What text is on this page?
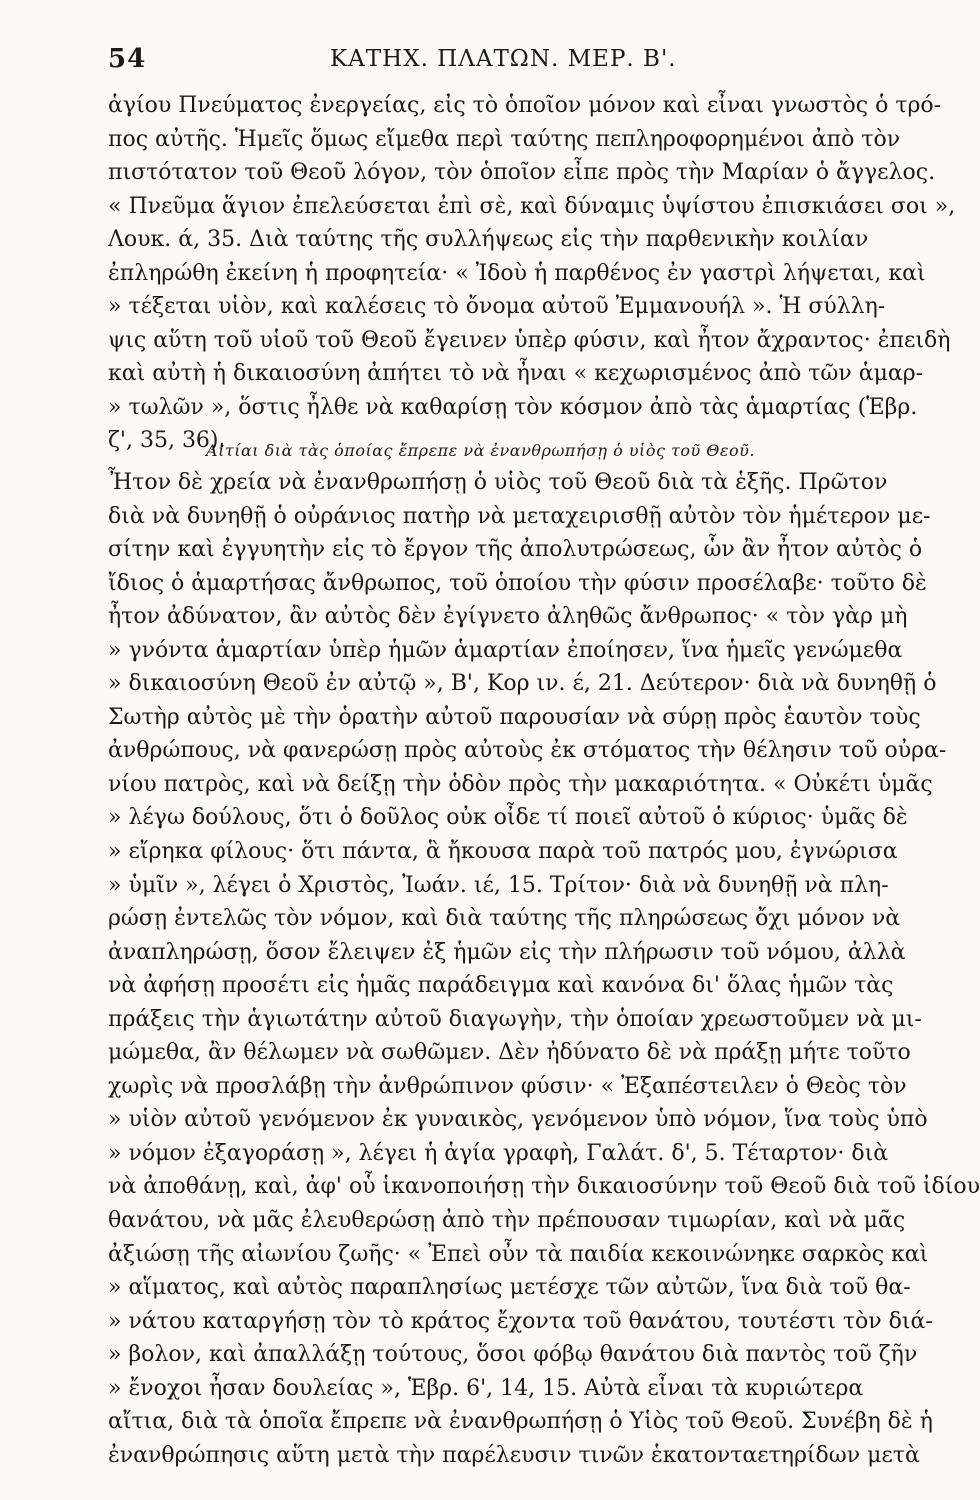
54	ΚΑΤΗΧ. ΠΛΑΤΩΝ. ΜΕΡ. Β'.
ἁγίου Πνεύματος ἐνεργείας, εἰς τὸ ὁποῖον μόνον καὶ εἶναι γνωστὸς ὁ τρό-
πος αὐτῆς. Ἡμεῖς ὅμως εἴμεθα περὶ ταύτης πεπληροφορημένοι ἀπὸ τὸν
πιστότατον τοῦ Θεοῦ λόγον, τὸν ὁποῖον εἶπε πρὸς τὴν Μαρίαν ὁ ἄγγελος.
« Πνεῦμα ἅγιον ἐπελεύσεται ἐπὶ σὲ, καὶ δύναμις ὑψίστου ἐπισκιάσει σοι »,
Λουκ. ά, 35. Διὰ ταύτης τῆς συλλήψεως εἰς τὴν παρθενικὴν κοιλίαν
ἐπληρώθη ἐκείνη ἡ προφητεία· « Ἰδοὺ ἡ παρθένος ἐν γαστρὶ λήψεται, καὶ
» τέξεται υἱὸν, καὶ καλέσεις τὸ ὄνομα αὐτοῦ Ἐμμανουήλ ». Ἡ σύλλη-
ψις αὕτη τοῦ υἱοῦ τοῦ Θεοῦ ἔγεινεν ὑπὲρ φύσιν, καὶ ἦτον ἄχραντος· ἐπειδὴ
καὶ αὐτὴ ἡ δικαιοσύνη ἀπήτει τὸ νὰ ἦναι « κεχωρισμένος ἀπὸ τῶν ἁμαρ-
» τωλῶν », ὅστις ἦλθε νὰ καθαρίσῃ τὸν κόσμον ἀπὸ τὰς ἁμαρτίας (Ἑβρ.
ζ', 35, 36).
Αἰτίαι διὰ τὰς ὁποίας ἔπρεπε νὰ ἐνανθρωπήσῃ ὁ υἱὸς τοῦ Θεοῦ.
Ἦτον δὲ χρεία νὰ ἐνανθρωπήσῃ ὁ υἱὸς τοῦ Θεοῦ διὰ τὰ ἑξῆς. Πρῶτον
διὰ νὰ δυνηθῇ ὁ οὐράνιος πατὴρ νὰ μεταχειρισθῇ αὐτὸν τὸν ἡμέτερον με-
σίτην καὶ ἐγγυητὴν εἰς τὸ ἔργον τῆς ἀπολυτρώσεως, ὧν ἂν ἦτον αὐτὸς ὁ
ἴδιος ὁ ἁμαρτήσας ἄνθρωπος, τοῦ ὁποίου τὴν φύσιν προσέλαβε· τοῦτο δὲ
ἦτον ἀδύνατον, ἂν αὐτὸς δὲν ἐγίγνετο ἀληθῶς ἄνθρωπος· « τὸν γὰρ μὴ
» γνόντα ἁμαρτίαν ὑπὲρ ἡμῶν ἁμαρτίαν ἐποίησεν, ἵνα ἡμεῖς γενώμεθα
» δικαιοσύνη Θεοῦ ἐν αὐτῷ », Β', Κορ ιν. έ, 21. Δεύτερον· διὰ νὰ δυνηθῇ ὁ
Σωτὴρ αὐτὸς μὲ τὴν ὁρατὴν αὐτοῦ παρουσίαν νὰ σύρῃ πρὸς ἑαυτὸν τοὺς
ἀνθρώπους, νὰ φανερώσῃ πρὸς αὐτοὺς ἐκ στόματος τὴν θέλησιν τοῦ οὐρα-
νίου πατρὸς, καὶ νὰ δείξῃ τὴν ὁδὸν πρὸς τὴν μακαριότητα. « Οὐκέτι ὑμᾶς
» λέγω δούλους, ὅτι ὁ δοῦλος οὐκ οἶδε τί ποιεῖ αὐτοῦ ὁ κύριος· ὑμᾶς δὲ
» εἴρηκα φίλους· ὅτι πάντα, ἃ ἤκουσα παρὰ τοῦ πατρός μου, ἐγνώρισα
» ὑμῖν », λέγει ὁ Χριστὸς, Ἰωάν. ιέ, 15. Τρίτον· διὰ νὰ δυνηθῇ νὰ πλη-
ρώσῃ ἐντελῶς τὸν νόμον, καὶ διὰ ταύτης τῆς πληρώσεως ὄχι μόνον νὰ
ἀναπληρώσῃ, ὅσον ἔλειψεν ἐξ ἡμῶν εἰς τὴν πλήρωσιν τοῦ νόμου, ἀλλὰ
νὰ ἀφήσῃ προσέτι εἰς ἡμᾶς παράδειγμα καὶ κανόνα δι' ὅλας ἡμῶν τὰς
πράξεις τὴν ἁγιωτάτην αὐτοῦ διαγωγὴν, τὴν ὁποίαν χρεωστοῦμεν νὰ μι-
μώμεθα, ἂν θέλωμεν νὰ σωθῶμεν. Δὲν ἠδύνατο δὲ νὰ πράξῃ μήτε τοῦτο
χωρὶς νὰ προσλάβῃ τὴν ἀνθρώπινον φύσιν· « Ἐξαπέστειλεν ὁ Θεὸς τὸν
» υἱὸν αὐτοῦ γενόμενον ἐκ γυναικὸς, γενόμενον ὑπὸ νόμον, ἵνα τοὺς ὑπὸ
» νόμον ἐξαγοράσῃ », λέγει ἡ ἁγία γραφὴ, Γαλάτ. δ', 5. Τέταρτον· διὰ
νὰ ἀποθάνῃ, καὶ, ἀφ' οὗ ἱκανοποιήσῃ τὴν δικαιοσύνην τοῦ Θεοῦ διὰ τοῦ ἰδίου
θανάτου, νὰ μᾶς ἐλευθερώσῃ ἀπὸ τὴν πρέπουσαν τιμωρίαν, καὶ νὰ μᾶς
ἀξιώσῃ τῆς αἰωνίου ζωῆς· « Ἐπεὶ οὖν τὰ παιδία κεκοινώνηκε σαρκὸς καὶ
» αἵματος, καὶ αὐτὸς παραπλησίως μετέσχε τῶν αὐτῶν, ἵνα διὰ τοῦ θα-
» νάτου καταργήσῃ τὸν τὸ κράτος ἔχοντα τοῦ θανάτου, τουτέστι τὸν διά-
» βολον, καὶ ἀπαλλάξῃ τούτους, ὅσοι φόβῳ θανάτου διὰ παντὸς τοῦ ζῆν
» ἔνοχοι ἦσαν δουλείας », Ἑβρ. 6', 14, 15. Αὐτὰ εἶναι τὰ κυριώτερα
αἴτια, διὰ τὰ ὁποῖα ἔπρεπε νὰ ἐνανθρωπήσῃ ὁ Υἱὸς τοῦ Θεοῦ. Συνέβη δὲ ἡ
ἐνανθρώπησις αὕτη μετὰ τὴν παρέλευσιν τινῶν ἑκατονταετηρίδων μετὰ
